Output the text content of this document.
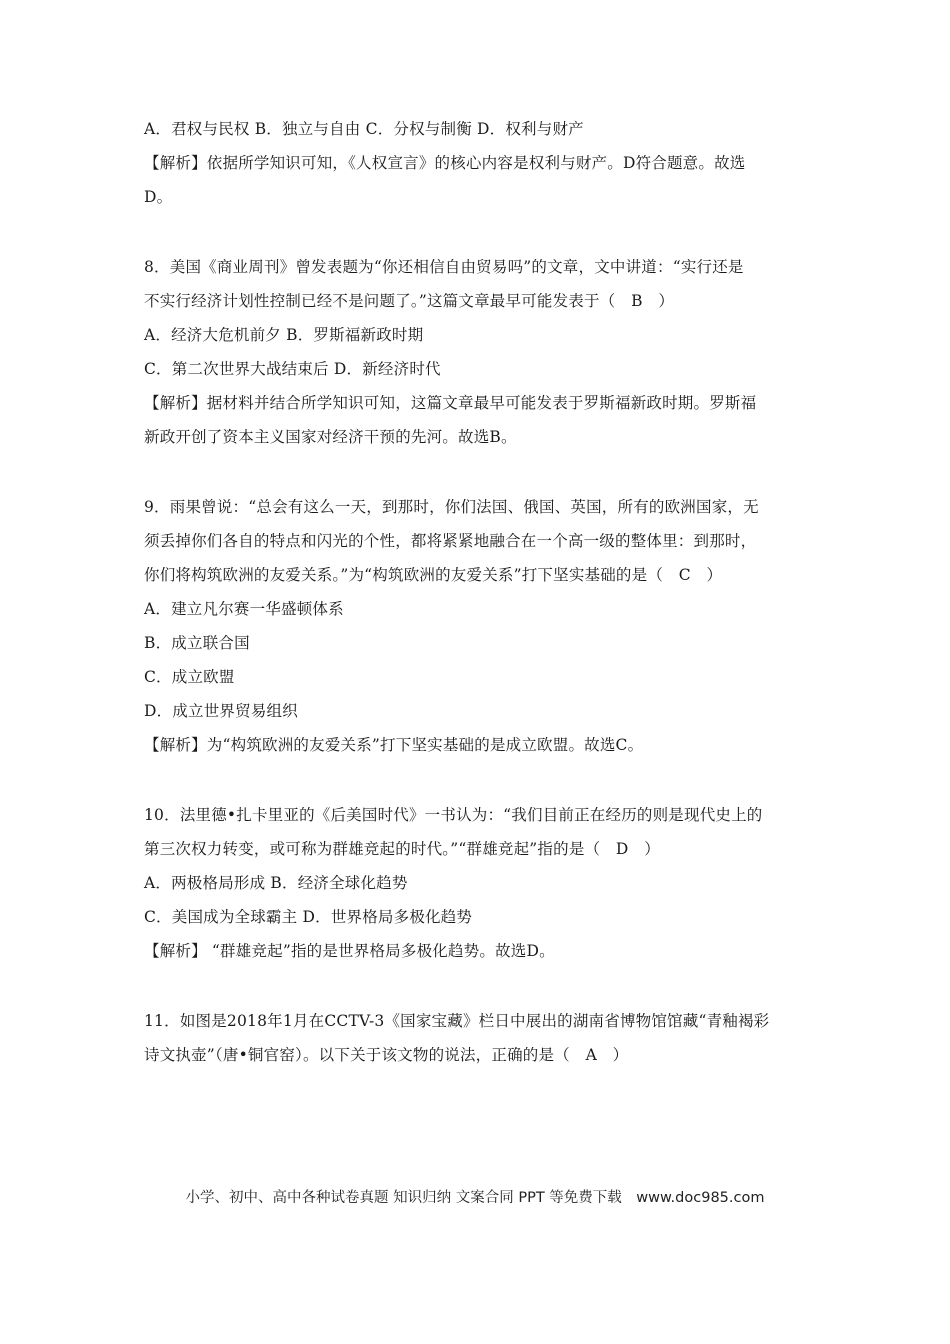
A．君权与民权 B．独立与自由 C．分权与制衡 D．权利与财产
【解析】依据所学知识可知，《人权宣言》的核心内容是权利与财产。D符合题意。故选
D。
8．美国《商业周刊》曾发表题为“你还相信自由贸易吗”的文章，文中讲道：“实行还是
不实行经济计划性控制已经不是问题了。”这篇文章最早可能发表于（　B　）
A．经济大危机前夕 B．罗斯福新政时期
C．第二次世界大战结束后 D．新经济时代
【解析】据材料并结合所学知识可知，这篇文章最早可能发表于罗斯福新政时期。罗斯福
新政开创了资本主义国家对经济干预的先河。故选B。
9．雨果曾说：“总会有这么一天，到那时，你们法国、俄国、英国，所有的欧洲国家，无
须丢掉你们各自的特点和闪光的个性，都将紧紧地融合在一个高一级的整体里：到那时，
你们将构筑欧洲的友爱关系。”为“构筑欧洲的友爱关系”打下坚实基础的是（　C　）
A．建立凡尔赛一华盛顿体系
B．成立联合国
C．成立欧盟
D．成立世界贸易组织
【解析】为“构筑欧洲的友爱关系”打下坚实基础的是成立欧盟。故选C。
10．法里德•扎卡里亚的《后美国时代》一书认为：“我们目前正在经历的则是现代史上的
第三次权力转变，或可称为群雄竞起的时代。”“群雄竞起”指的是（　D　）
A．两极格局形成 B．经济全球化趋势
C．美国成为全球霸主 D．世界格局多极化趋势
【解析】 “群雄竞起”指的是世界格局多极化趋势。故选D。
11．如图是2018年1月在CCTV-3《国家宝藏》栏日中展出的湖南省博物馆馆藏“青釉褐彩
诗文执壶”（唐•铜官窑）。以下关于该文物的说法，正确的是（　A　）
小学、初中、高中各种试卷真题 知识归纳 文案合同 PPT 等免费下载　www.doc985.com
